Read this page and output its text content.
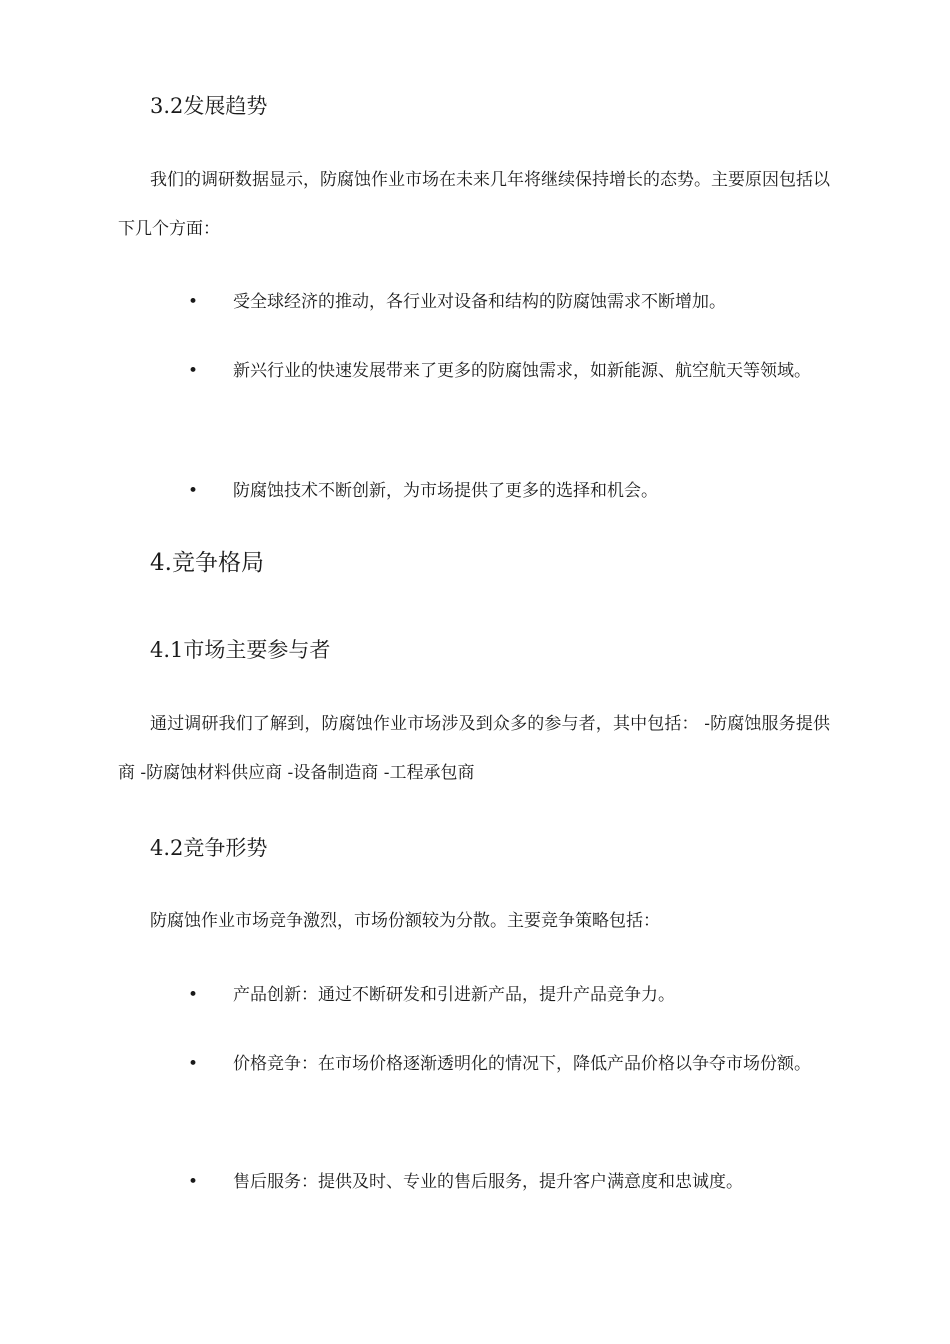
3.2发展趋势
我们的调研数据显示，防腐蚀作业市场在未来几年将继续保持增长的态势。主要原因包括以下几个方面：
•	受全球经济的推动，各行业对设备和结构的防腐蚀需求不断增加。
•	新兴行业的快速发展带来了更多的防腐蚀需求，如新能源、航空航天等领域。
•	防腐蚀技术不断创新，为市场提供了更多的选择和机会。
4.竞争格局
4.1市场主要参与者
通过调研我们了解到，防腐蚀作业市场涉及到众多的参与者，其中包括： -防腐蚀服务提供商 -防腐蚀材料供应商 -设备制造商 -工程承包商
4.2竞争形势
防腐蚀作业市场竞争激烈，市场份额较为分散。主要竞争策略包括：
•	产品创新：通过不断研发和引进新产品，提升产品竞争力。
•	价格竞争：在市场价格逐渐透明化的情况下，降低产品价格以争夺市场份额。
•	售后服务：提供及时、专业的售后服务，提升客户满意度和忠诚度。
